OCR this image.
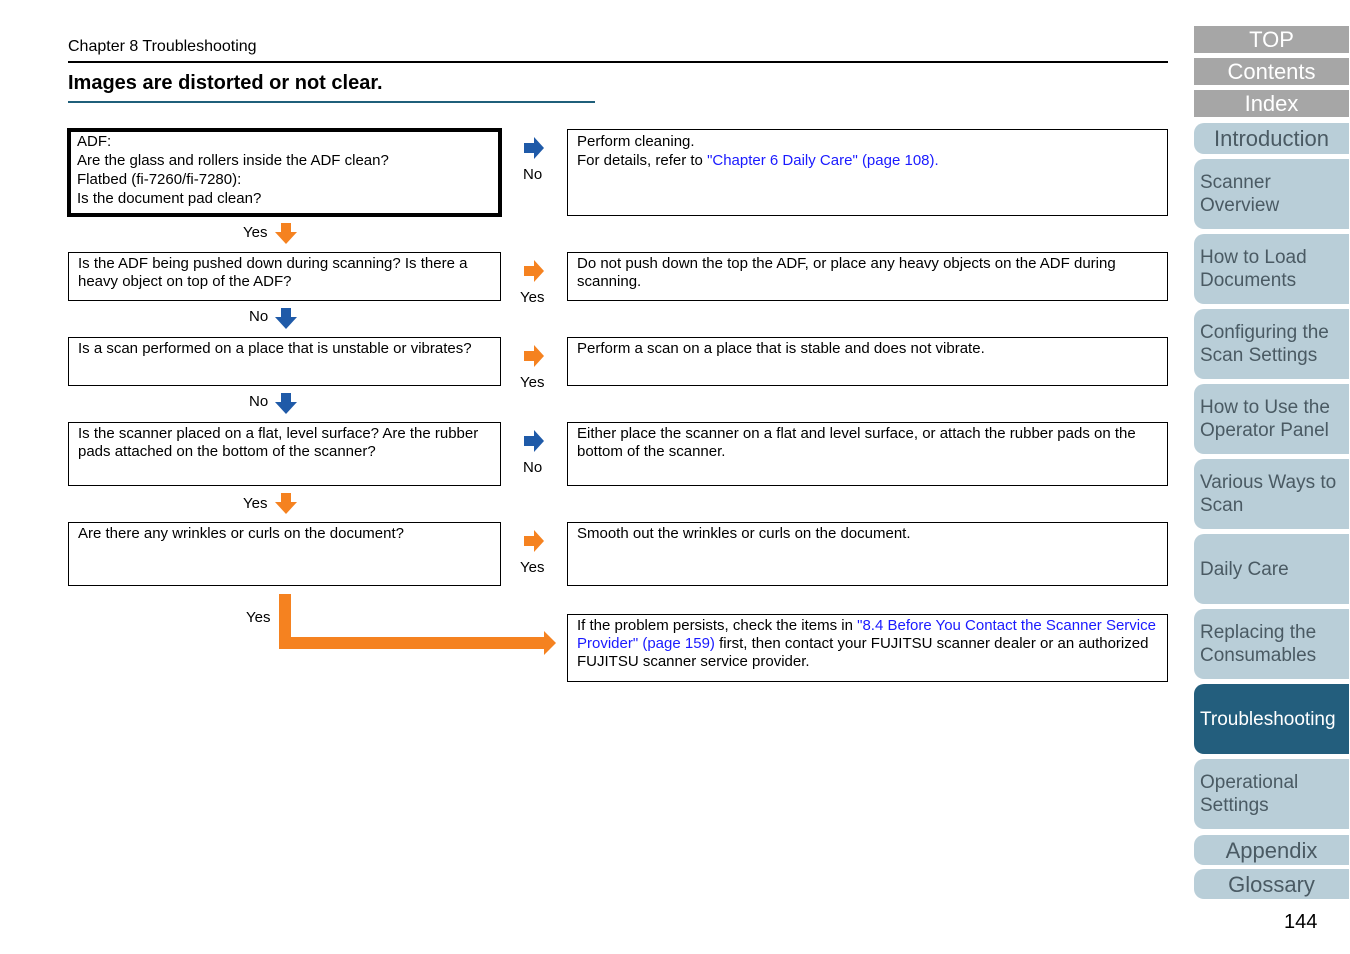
Chapter 8 Troubleshooting
Images are distorted or not clear.
ADF:
Are the glass and rollers inside the ADF clean?
Flatbed (fi-7260/fi-7280):
Is the document pad clean?
No
Perform cleaning.
For details, refer to "Chapter 6 Daily Care" (page 108).
Yes
Is the ADF being pushed down during scanning? Is there a heavy object on top of the ADF?
Yes
Do not push down the top the ADF, or place any heavy objects on the ADF during scanning.
No
Is a scan performed on a place that is unstable or vibrates?
Yes
Perform a scan on a place that is stable and does not vibrate.
No
Is the scanner placed on a flat, level surface? Are the rubber pads attached on the bottom of the scanner?
No
Either place the scanner on a flat and level surface, or attach the rubber pads on the bottom of the scanner.
Yes
Are there any wrinkles or curls on the document?
Yes
Smooth out the wrinkles or curls on the document.
Yes	If the problem persists, check the items in "8.4 Before You Contact the Scanner Service Provider" (page 159) first, then contact your FUJITSU scanner dealer or an authorized FUJITSU scanner service provider.
TOP
Contents
Index
Introduction
Scanner Overview
How to Load Documents
Configuring the Scan Settings
How to Use the Operator Panel
Various Ways to Scan
Daily Care
Replacing the Consumables
Troubleshooting
Operational Settings
Appendix
Glossary
144
